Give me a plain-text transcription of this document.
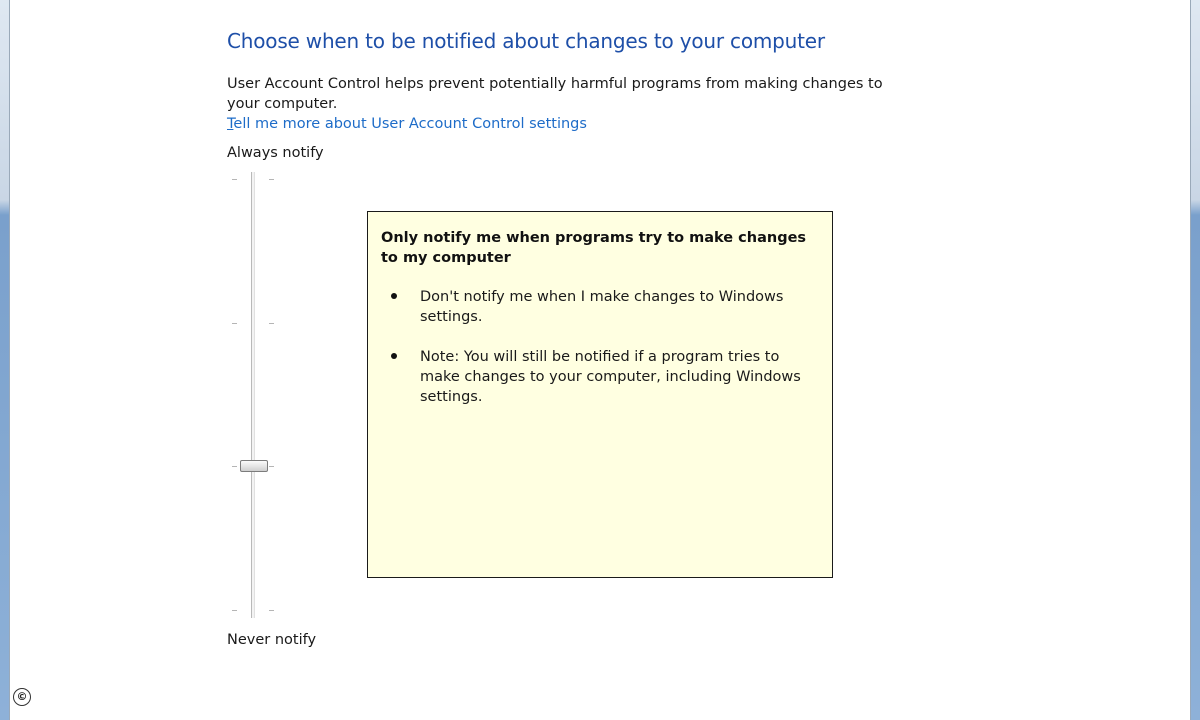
Choose when to be notified about changes to your computer
User Account Control helps prevent potentially harmful programs from making changes to your computer.
Tell me more about User Account Control settings
Always notify
Never notify
Only notify me when programs try to make changes to my computer
Don't notify me when I make changes to Windows settings.
Note: You will still be notified if a program tries to make changes to your computer, including Windows settings.
©
